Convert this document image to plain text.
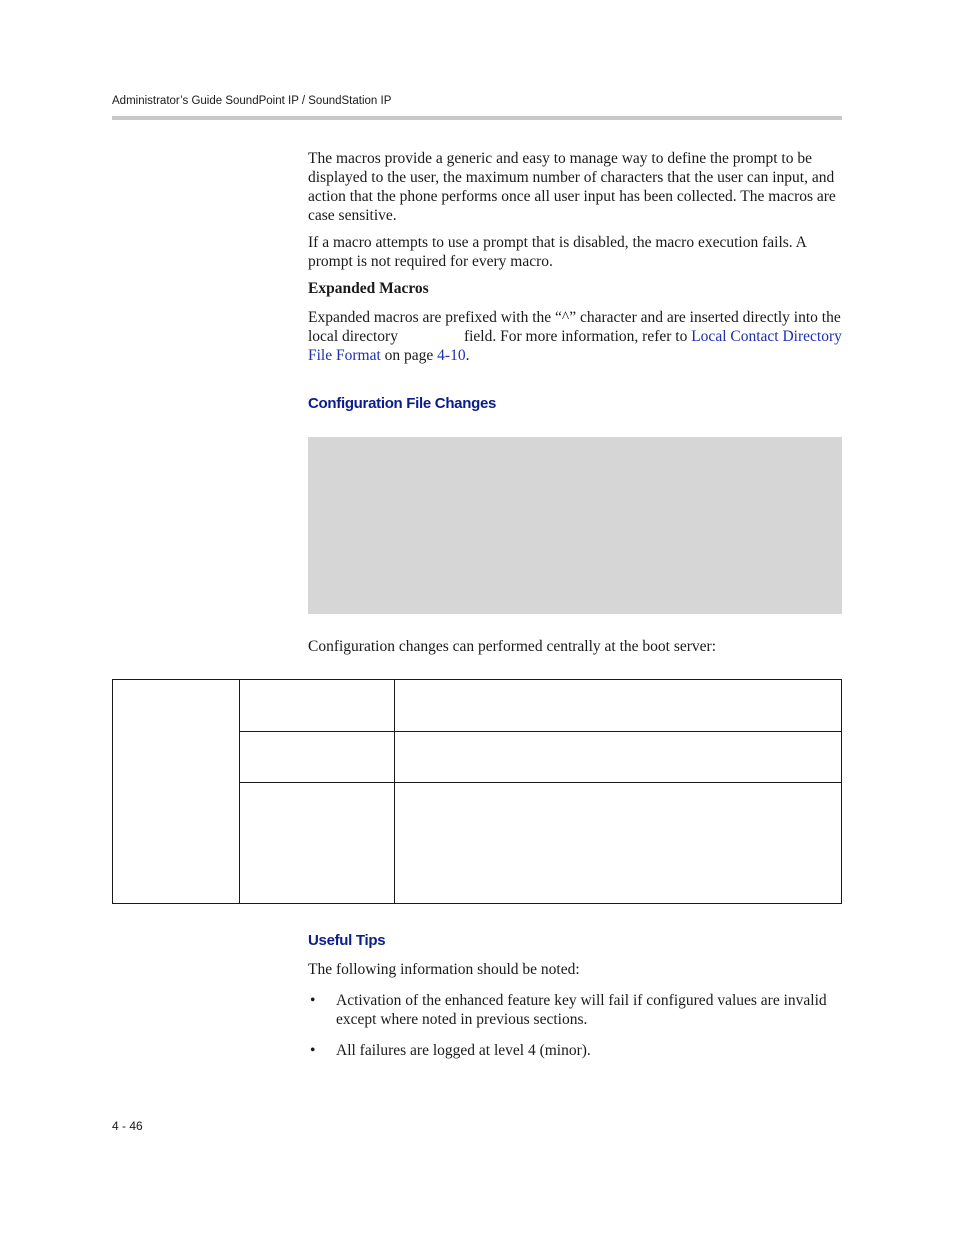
Administrator’s Guide SoundPoint IP / SoundStation IP

The macros provide a generic and easy to manage way to define the prompt to be displayed to the user, the maximum number of characters that the user can input, and action that the phone performs once all user input has been collected. The macros are case sensitive.

If a macro attempts to use a prompt that is disabled, the macro execution fails. A prompt is not required for every macro.

Expanded Macros

Expanded macros are prefixed with the “^” character and are inserted directly into the local directory	field. For more information, refer to Local Contact Directory File Format on page 4-10.

Configuration File Changes

Configuration changes can performed centrally at the boot server:

Useful Tips

The following information should be noted:

• Activation of the enhanced feature key will fail if configured values are invalid except where noted in previous sections.
• All failures are logged at level 4 (minor).
4 - 46
